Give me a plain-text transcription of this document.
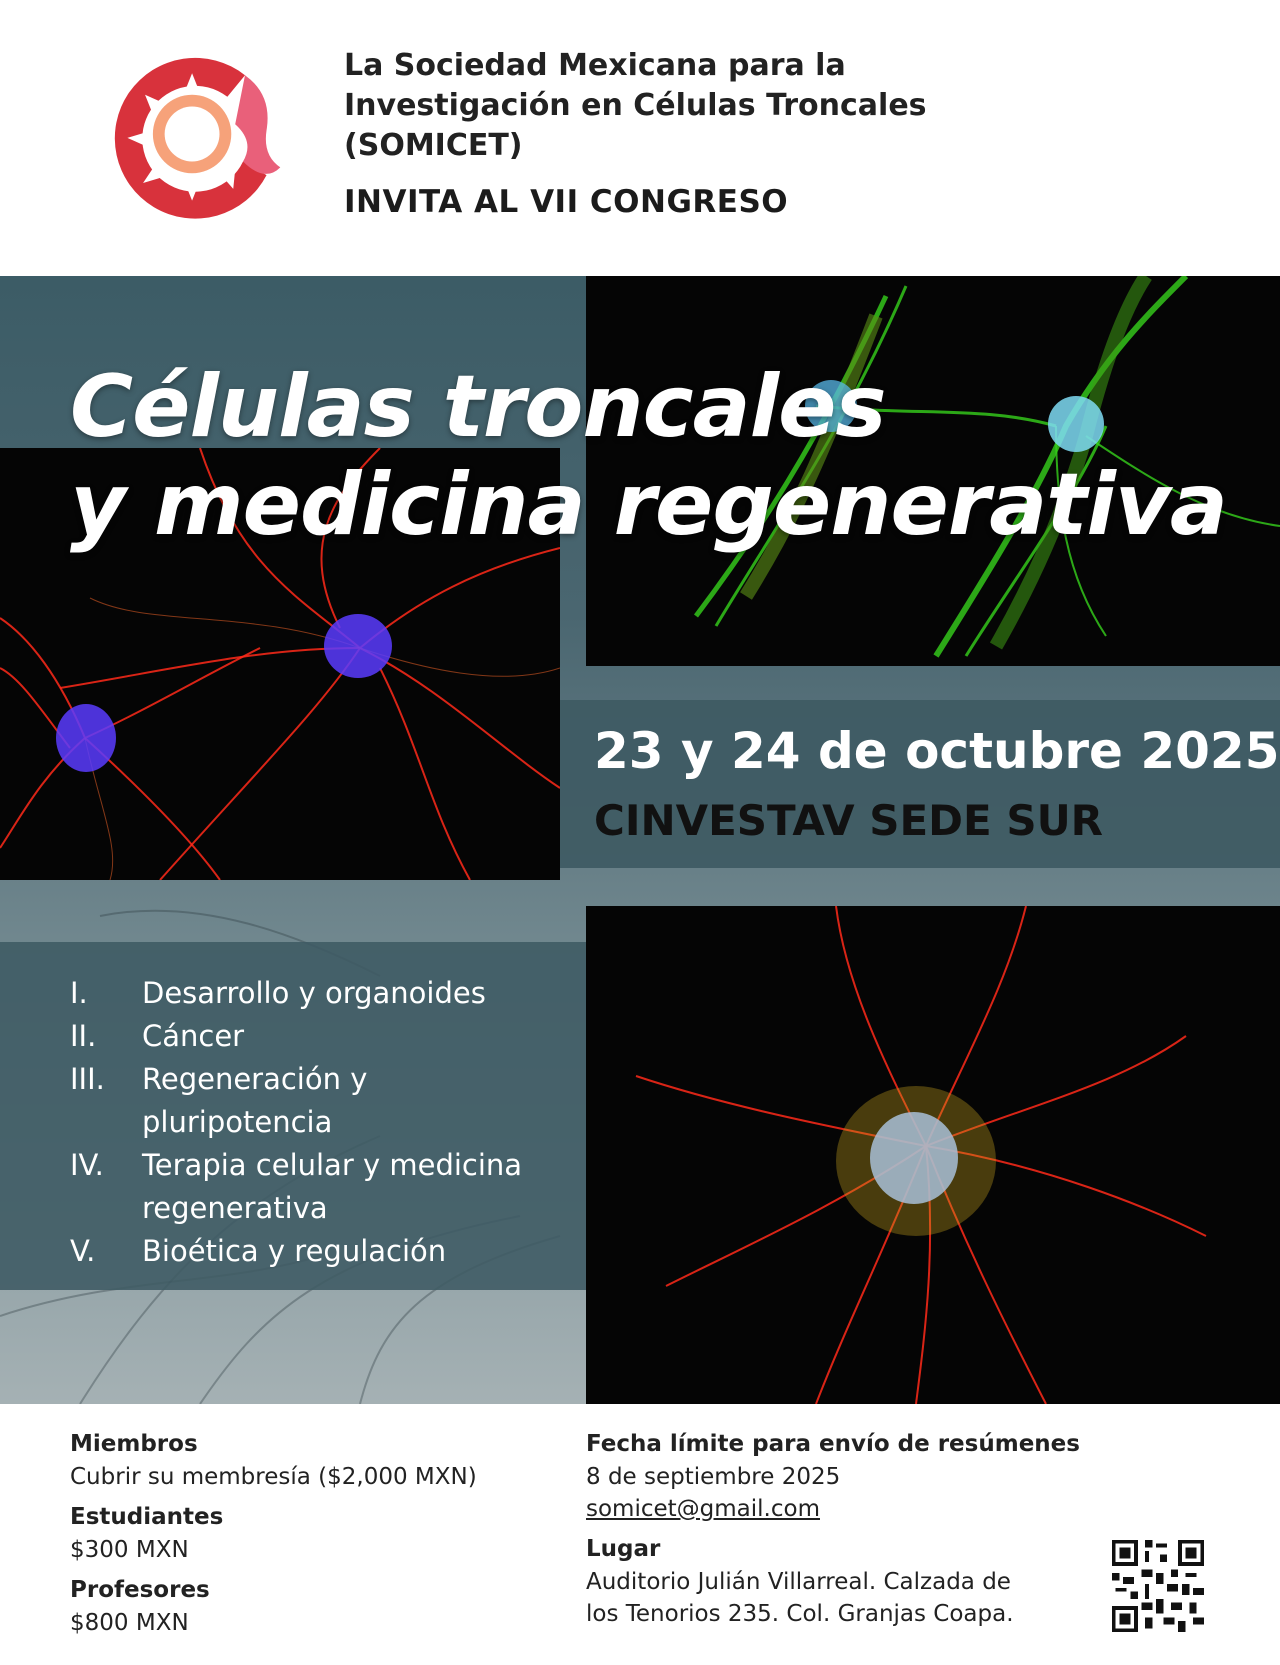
La Sociedad Mexicana para la
Investigación en Células Troncales
(SOMICET)
INVITA AL VII CONGRESO
Células troncales
y medicina regenerativa
23 y 24 de octubre 2025
CINVESTAV SEDE SUR
I.	Desarrollo y organoides
II.	Cáncer
III.	Regeneración y pluripotencia
IV.	Terapia celular y medicina regenerativa
V.	Bioética y regulación
Miembros
Cubrir su membresía ($2,000 MXN)
Estudiantes
$300 MXN
Profesores
$800 MXN
Fecha límite para envío de resúmenes
8 de septiembre 2025
somicet@gmail.com
Lugar
Auditorio Julián Villarreal. Calzada de
los Tenorios 235. Col. Granjas Coapa.
